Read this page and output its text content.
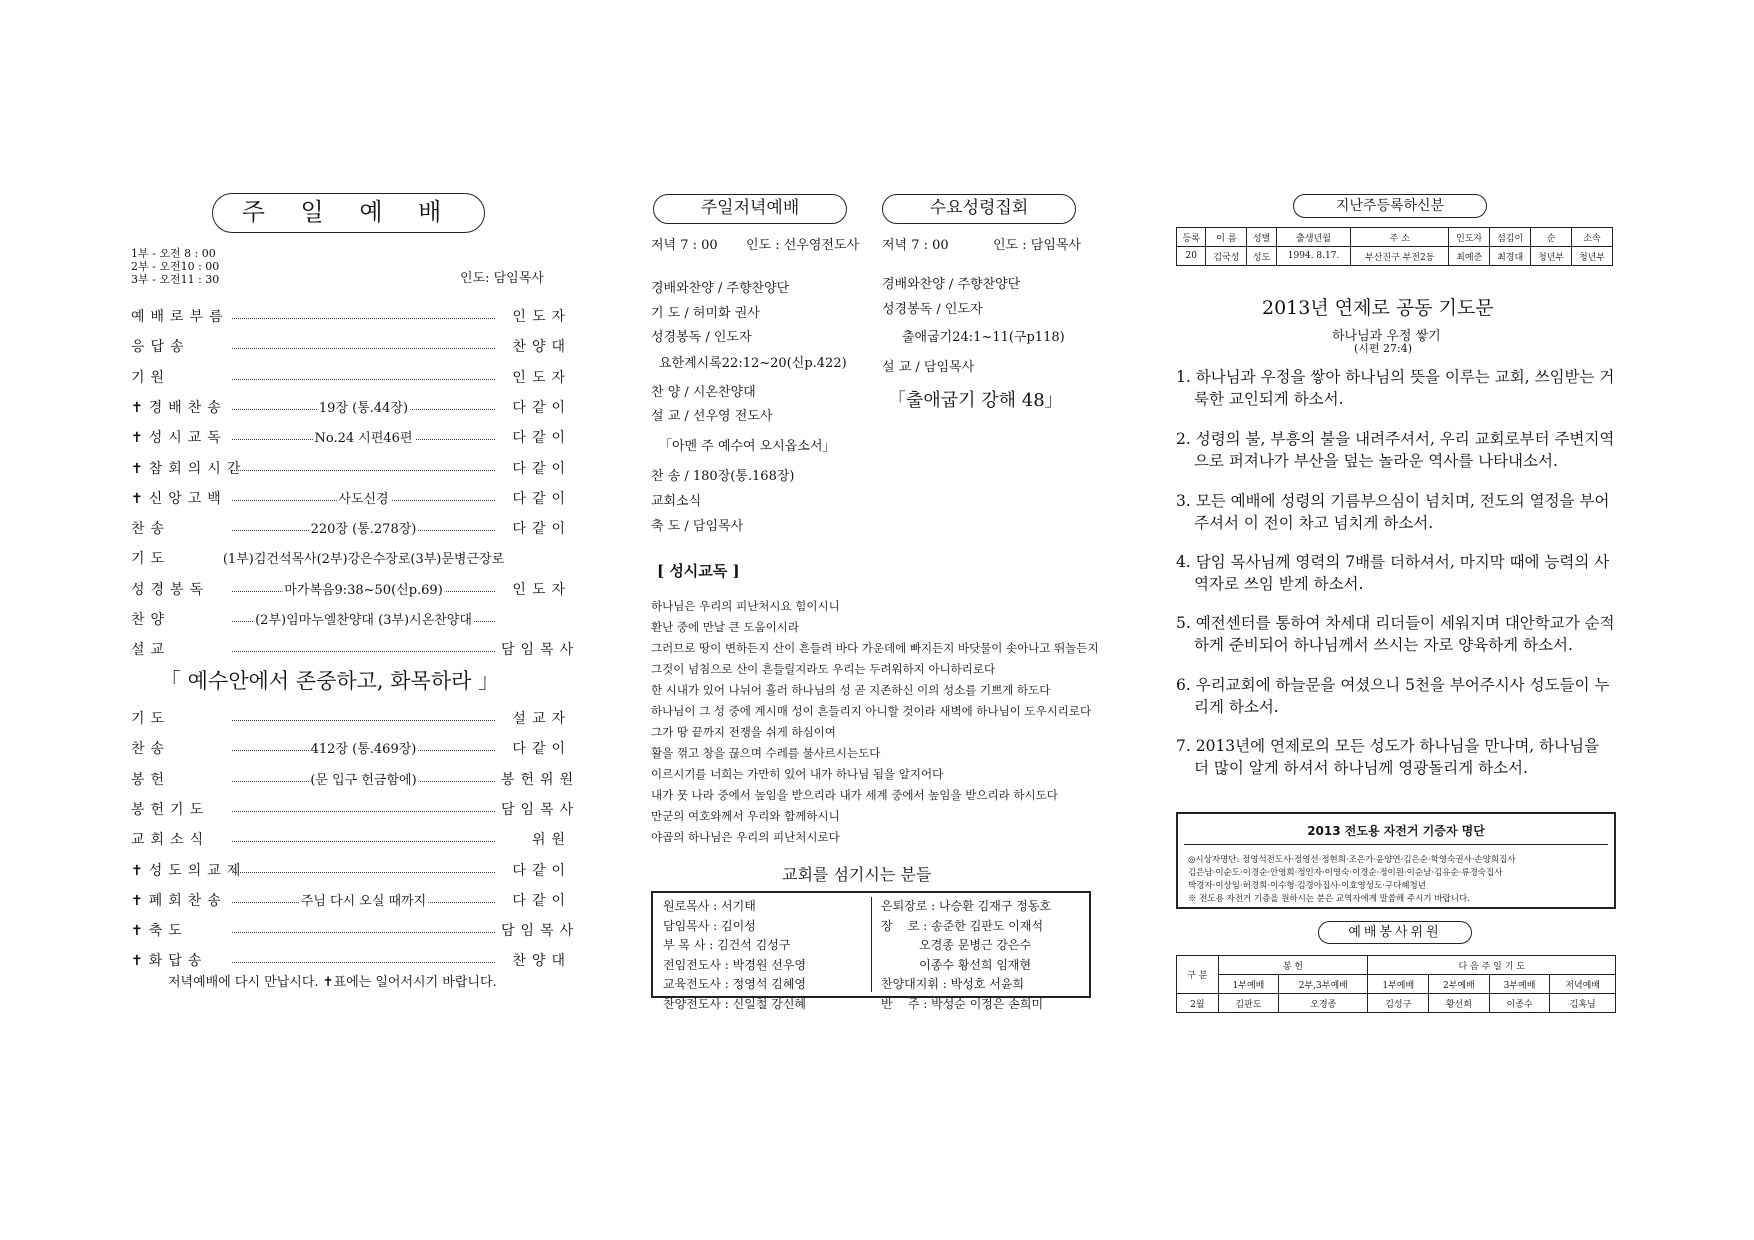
주 일 예 배
1부 - 오전 8 : 00
2부 - 오전10 : 00
3부 - 오전11 : 30	인도: 담임목사
예배로부름	인도자
응답송	찬양대
기원	인도자
✝경배찬송	19장 (통.44장)	다같이
✝성시교독	No.24 시편46편	다같이
✝참회의시간	다같이
✝신앙고백	사도신경	다같이
찬송	220장 (통.278장)	다같이
기도	(1부)김건석목사(2부)강은수장로(3부)문병근장로
성경봉독	마가복음9:38~50(신p.69)	인도자
찬양	(2부)임마누엘찬양대 (3부)시온찬양대
설교	담임목사
「 예수안에서 존중하고, 화목하라 」
기도	설교자
찬송	412장 (통.469장)	다같이
봉헌	(문 입구 헌금함에)	봉헌위원
봉헌기도	담임목사
교회소식	위원
✝성도의교제	다같이
✝폐회찬송	주님 다시 오실 때까지	다같이
✝축도	담임목사
✝화답송	찬양대
저녁예배에 다시 만납시다. ✝표에는 일어서시기 바랍니다.
주일저녁예배	수요성령집회
저녁 7 : 00 인도 : 선우영전도사 저녁 7 : 00	인도 : 담임목사
경배와찬양 / 주향찬양단
기 도 / 허미화 권사
성경봉독 / 인도자
요한계시록22:12~20(신p.422)
찬 양 / 시온찬양대
설 교 / 선우영 전도사
「아멘 주 예수여 오시옵소서」
찬 송 / 180장(통.168장)
교회소식
축 도 / 담임목사
경배와찬양 / 주향찬양단
성경봉독 / 인도자
출애굽기24:1~11(구p118)
설 교 / 담임목사
「출애굽기 강해 48」
[ 성시교독 ]
하나님은 우리의 피난처시요 힘이시니
환난 중에 만날 큰 도움이시라
그러므로 땅이 변하든지 산이 흔들려 바다 가운데에 빠지든지 바닷물이 솟아나고 뛰놀든지
그것이 넘침으로 산이 흔들릴지라도 우리는 두려워하지 아니하리로다
한 시내가 있어 나뉘어 흘러 하나님의 성 곧 지존하신 이의 성소를 기쁘게 하도다
하나님이 그 성 중에 계시매 성이 흔들리지 아니할 것이라 새벽에 하나님이 도우시리로다
그가 땅 끝까지 전쟁을 쉬게 하심이여
활을 꺾고 창을 끊으며 수레를 불사르시는도다
이르시기를 너희는 가만히 있어 내가 하나님 됨을 알지어다
내가 뭇 나라 중에서 높임을 받으리라 내가 세계 중에서 높임을 받으리라 하시도다
만군의 여호와께서 우리와 함께하시니
야곱의 하나님은 우리의 피난처시로다
교회를 섬기시는 분들
원로목사 : 서기태
담임목사 : 김이성
부 목 사 : 김건석 김성구
전임전도사 : 박경원 선우영
교육전도사 : 정영석 김혜영
찬양전도사 : 신일철 강신혜
은퇴장로 : 나승환 김재구 정동호
장    로 : 송준한 김판도 이재석
오경종 문병근 강은수
이종수 황선희 임재현
찬양대지휘 : 박성호 서윤희
반    주 : 박성순 이정은 손희미
지난주등록하신분
등록	이 름	성별	출생년월	주 소	인도자	섬김이	순	소속
20	김국성	성도	1994. 8.17.	부산진구 부전2동	최예준	최경대	청년부	청년부
2013년 연제로 공동 기도문
하나님과 우정 쌓기
(시편 27:4)
1. 하나님과 우정을 쌓아 하나님의 뜻을 이루는 교회, 쓰임받는 거룩한 교인되게 하소서.
2. 성령의 불, 부흥의 불을 내려주셔서, 우리 교회로부터 주변지역으로 퍼져나가 부산을 덮는 놀라운 역사를 나타내소서.
3. 모든 예배에 성령의 기름부으심이 넘치며, 전도의 열정을 부어주셔서 이 전이 차고 넘치게 하소서.
4. 담임 목사님께 영력의 7배를 더하셔서, 마지막 때에 능력의 사역자로 쓰임 받게 하소서.
5. 예전센터를 통하여 차세대 리더들이 세워지며 대안학교가 순적하게 준비되어 하나님께서 쓰시는 자로 양육하게 하소서.
6. 우리교회에 하늘문을 여셨으니 5천을 부어주시사 성도들이 누리게 하소서.
7. 2013년에 연제로의 모든 성도가 하나님을 만나며, 하나님을 더 많이 알게 하셔서 하나님께 영광돌리게 하소서.
2013 전도용 자전거 기증자 명단
◎시상자명단: 정영석전도사·정영선·정현희·조은가·윤양연·김은순·학영숙권사·손양희집사
김은남·이순도·이경순·안영희·정인자·이영숙·이경순·정이원·이순남·김유순·류경숙집사
박경자·이상임·허경희·이수형·김경아집사·이효영성도·구다혜청년
※ 전도용 자전거 기증을 원하시는 분은 교역자에게 말씀해 주시기 바랍니다.
예배봉사위원
구 분	봉 헌		다 음 주 일 기 도			
	1부예배	2부,3부예배	1부예배	2부예배	3부예배	저녁예배
2월	김판도	오경종	김성구	황선희	이종수	김혹님
